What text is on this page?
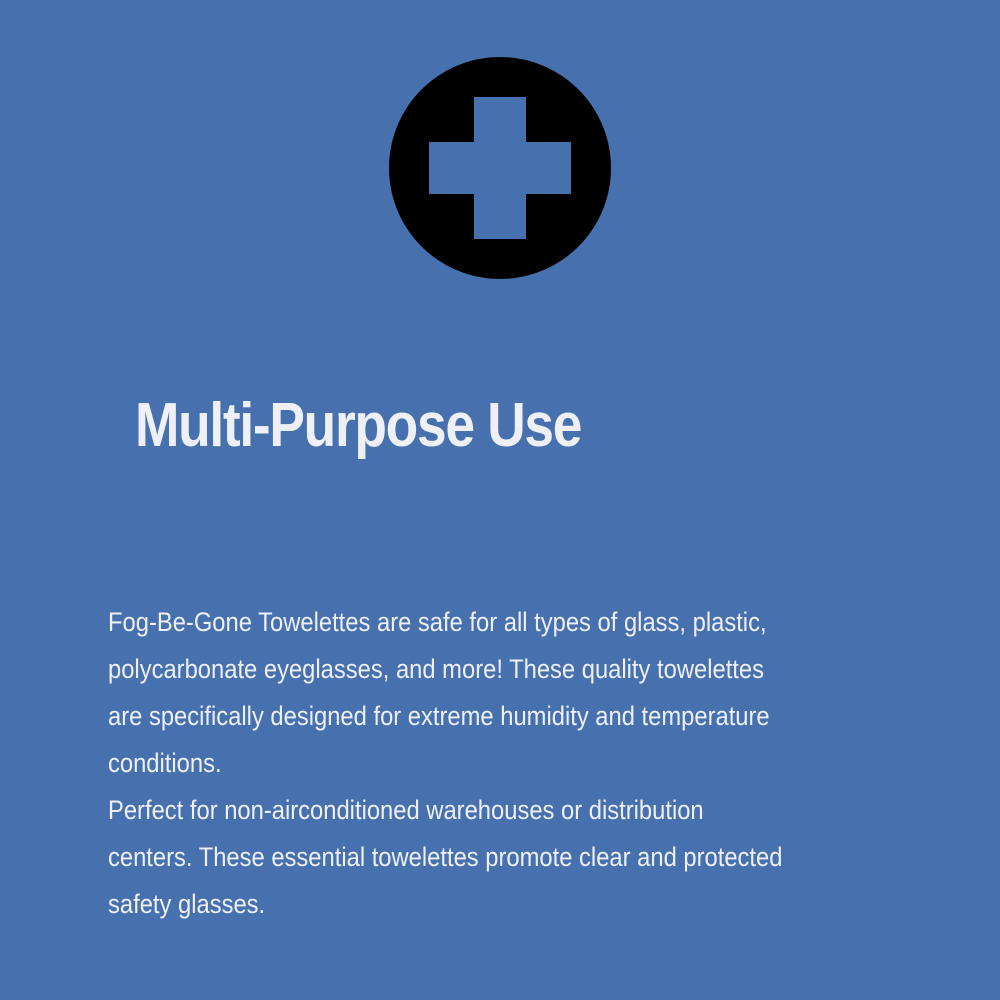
Multi-Purpose Use
Fog-Be-Gone Towelettes are safe for all types of glass, plastic,
polycarbonate eyeglasses, and more! These quality towelettes
are specifically designed for extreme humidity and temperature
conditions.
Perfect for non-airconditioned warehouses or distribution
centers. These essential towelettes promote clear and protected
safety glasses.
